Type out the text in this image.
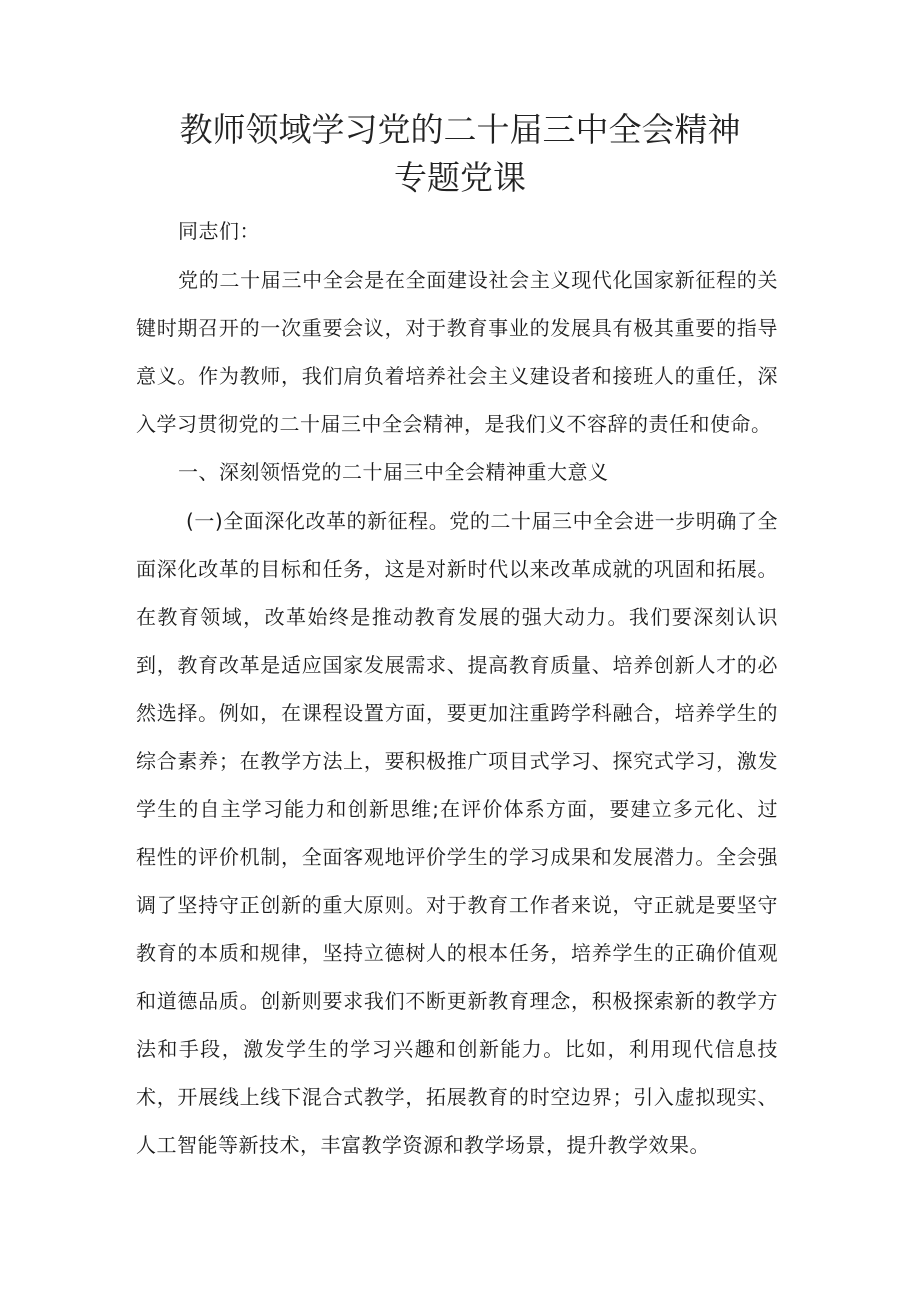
教师领域学习党的二十届三中全会精神
专题党课

同志们：

党的二十届三中全会是在全面建设社会主义现代化国家新征程的关键时期召开的一次重要会议，对于教育事业的发展具有极其重要的指导意义。作为教师，我们肩负着培养社会主义建设者和接班人的重任，深入学习贯彻党的二十届三中全会精神，是我们义不容辞的责任和使命。

一、深刻领悟党的二十届三中全会精神重大意义

(一)全面深化改革的新征程。党的二十届三中全会进一步明确了全面深化改革的目标和任务，这是对新时代以来改革成就的巩固和拓展。在教育领域，改革始终是推动教育发展的强大动力。我们要深刻认识到，教育改革是适应国家发展需求、提高教育质量、培养创新人才的必然选择。例如，在课程设置方面，要更加注重跨学科融合，培养学生的综合素养；在教学方法上，要积极推广项目式学习、探究式学习，激发学生的自主学习能力和创新思维;在评价体系方面，要建立多元化、过程性的评价机制，全面客观地评价学生的学习成果和发展潜力。全会强调了坚持守正创新的重大原则。对于教育工作者来说，守正就是要坚守教育的本质和规律，坚持立德树人的根本任务，培养学生的正确价值观和道德品质。创新则要求我们不断更新教育理念，积极探索新的教学方法和手段，激发学生的学习兴趣和创新能力。比如，利用现代信息技术，开展线上线下混合式教学，拓展教育的时空边界；引入虚拟现实、人工智能等新技术，丰富教学资源和教学场景，提升教学效果。
